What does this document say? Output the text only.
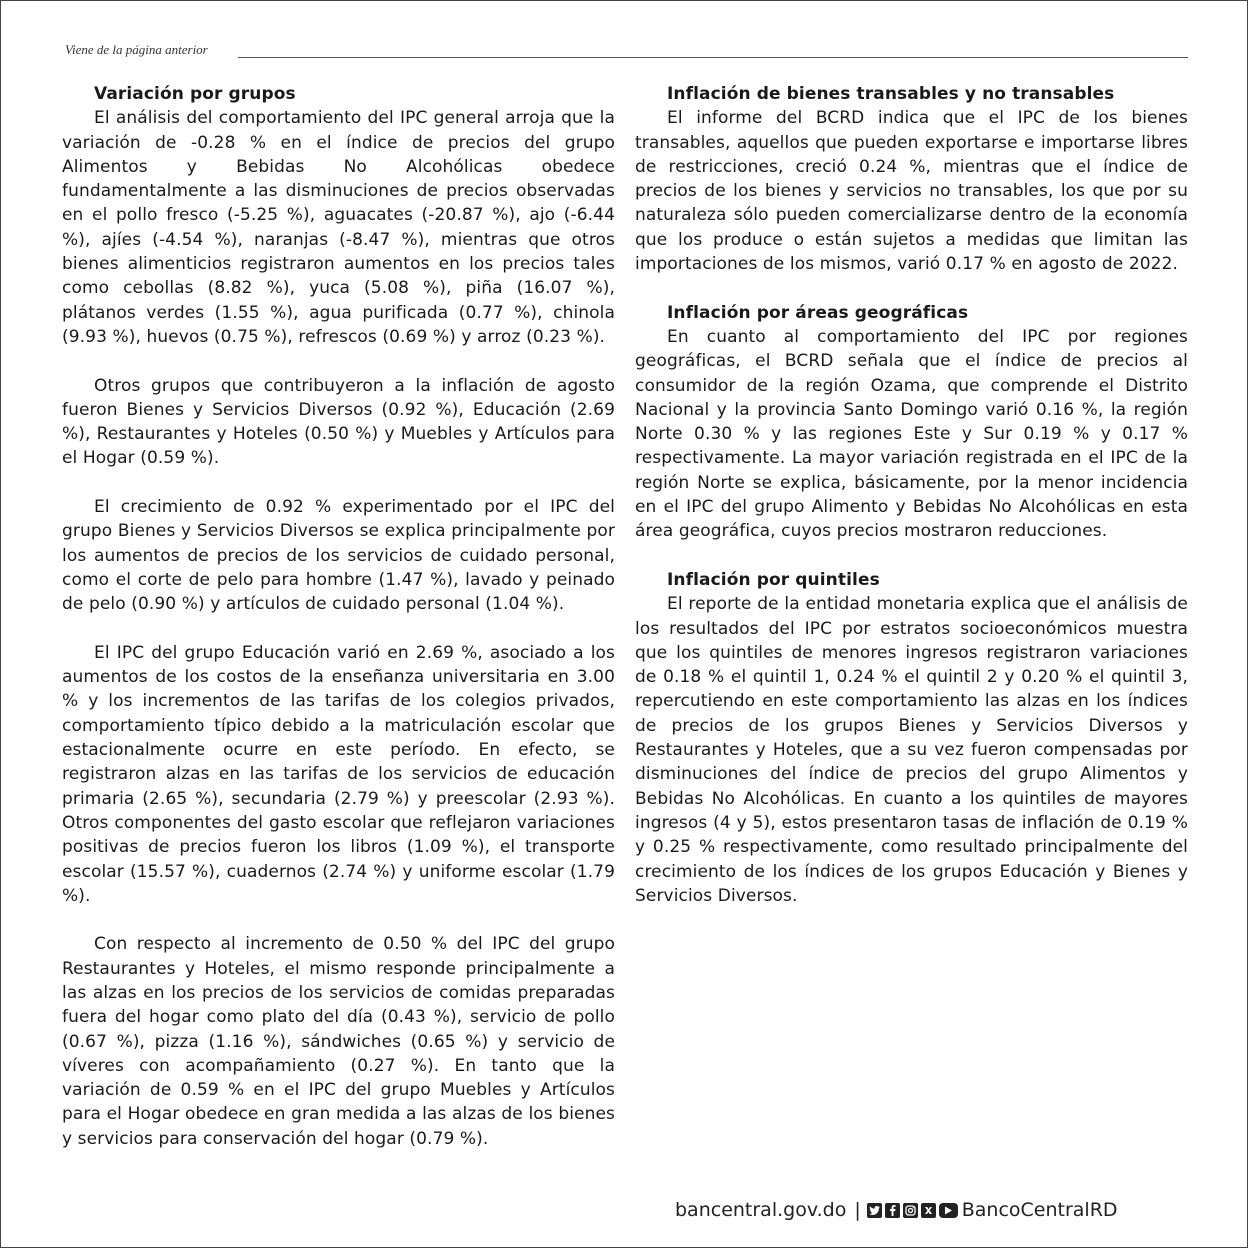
Viene de la página anterior
Variación por grupos

El análisis del comportamiento del IPC general arroja que la variación de -0.28 % en el índice de precios del grupo Alimentos y Bebidas No Alcohólicas obedece fundamentalmente a las disminuciones de precios observadas en el pollo fresco (-5.25 %), aguacates (-20.87 %), ajo (-6.44 %), ajíes (-4.54 %), naranjas (-8.47 %), mientras que otros bienes alimenticios registraron aumentos en los precios tales como cebollas (8.82 %), yuca (5.08 %), piña (16.07 %), plátanos verdes (1.55 %), agua purificada (0.77 %), chinola (9.93 %), huevos (0.75 %), refrescos (0.69 %) y arroz (0.23 %).

Otros grupos que contribuyeron a la inflación de agosto fueron Bienes y Servicios Diversos (0.92 %), Educación (2.69 %), Restaurantes y Hoteles (0.50 %) y Muebles y Artículos para el Hogar (0.59 %).

El crecimiento de 0.92 % experimentado por el IPC del grupo Bienes y Servicios Diversos se explica principalmente por los aumentos de precios de los servicios de cuidado personal, como el corte de pelo para hombre (1.47 %), lavado y peinado de pelo (0.90 %) y artículos de cuidado personal (1.04 %).

El IPC del grupo Educación varió en 2.69 %, asociado a los aumentos de los costos de la enseñanza universitaria en 3.00 % y los incrementos de las tarifas de los colegios privados, comportamiento típico debido a la matriculación escolar que estacionalmente ocurre en este período. En efecto, se registraron alzas en las tarifas de los servicios de educación primaria (2.65 %), secundaria (2.79 %) y preescolar (2.93 %). Otros componentes del gasto escolar que reflejaron variaciones positivas de precios fueron los libros (1.09 %), el transporte escolar (15.57 %), cuadernos (2.74 %) y uniforme escolar (1.79 %).

Con respecto al incremento de 0.50 % del IPC del grupo Restaurantes y Hoteles, el mismo responde principalmente a las alzas en los precios de los servicios de comidas preparadas fuera del hogar como plato del día (0.43 %), servicio de pollo (0.67 %), pizza (1.16 %), sándwiches (0.65 %) y servicio de víveres con acompañamiento (0.27 %). En tanto que la variación de 0.59 % en el IPC del grupo Muebles y Artículos para el Hogar obedece en gran medida a las alzas de los bienes y servicios para conservación del hogar (0.79 %).

Inflación de bienes transables y no transables

El informe del BCRD indica que el IPC de los bienes transables, aquellos que pueden exportarse e importarse libres de restricciones, creció 0.24 %, mientras que el índice de precios de los bienes y servicios no transables, los que por su naturaleza sólo pueden comercializarse dentro de la economía que los produce o están sujetos a medidas que limitan las importaciones de los mismos, varió 0.17 % en agosto de 2022.

Inflación por áreas geográficas

En cuanto al comportamiento del IPC por regiones geográficas, el BCRD señala que el índice de precios al consumidor de la región Ozama, que comprende el Distrito Nacional y la provincia Santo Domingo varió 0.16 %, la región Norte 0.30 % y las regiones Este y Sur 0.19 % y 0.17 % respectivamente. La mayor variación registrada en el IPC de la región Norte se explica, básicamente, por la menor incidencia en el IPC del grupo Alimento y Bebidas No Alcohólicas en esta área geográfica, cuyos precios mostraron reducciones.

Inflación por quintiles

El reporte de la entidad monetaria explica que el análisis de los resultados del IPC por estratos socioeconómicos muestra que los quintiles de menores ingresos registraron variaciones de 0.18 % el quintil 1, 0.24 % el quintil 2 y 0.20 % el quintil 3, repercutiendo en este comportamiento las alzas en los índices de precios de los grupos Bienes y Servicios Diversos y Restaurantes y Hoteles, que a su vez fueron compensadas por disminuciones del índice de precios del grupo Alimentos y Bebidas No Alcohólicas. En cuanto a los quintiles de mayores ingresos (4 y 5), estos presentaron tasas de inflación de 0.19 % y 0.25 % respectivamente, como resultado principalmente del crecimiento de los índices de los grupos Educación y Bienes y Servicios Diversos.

bancentral.gov.do |	BancoCentralRD
